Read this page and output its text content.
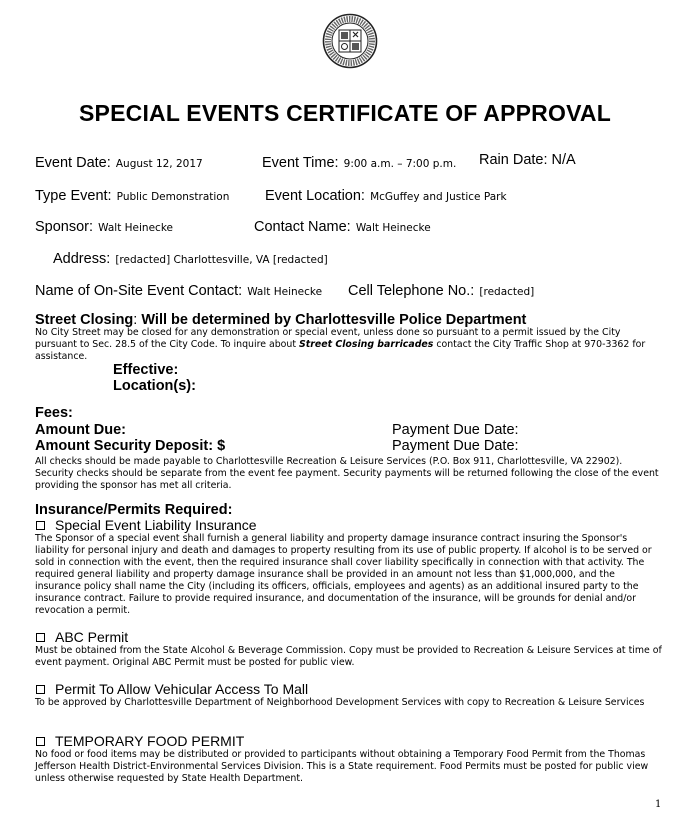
SPECIAL EVENTS CERTIFICATE OF APPROVAL
Event Date: August 12, 2017	Event Time: 9:00 a.m. – 7:00 p.m. Rain Date: N/A
Type Event: Public Demonstration Event Location: McGuffey and Justice Park
Sponsor: Walt Heinecke	Contact Name: Walt Heinecke
Address: [redacted] Charlottesville, VA [redacted]
Name of On-Site Event Contact: Walt Heinecke Cell Telephone No.: [redacted]
Street Closing: Will be determined by Charlottesville Police Department
No City Street may be closed for any demonstration or special event, unless done so pursuant to a permit issued by the City pursuant to Sec. 28.5 of the City Code. To inquire about Street Closing barricades contact the City Traffic Shop at 970-3362 for assistance.
Effective:
Location(s):
Fees:
Amount Due:	Payment Due Date:
Amount Security Deposit: $	Payment Due Date:
All checks should be made payable to Charlottesville Recreation & Leisure Services (P.O. Box 911, Charlottesville, VA 22902). Security checks should be separate from the event fee payment. Security payments will be returned following the close of the event providing the sponsor has met all criteria.
Insurance/Permits Required:
Special Event Liability Insurance
The Sponsor of a special event shall furnish a general liability and property damage insurance contract insuring the Sponsor's liability for personal injury and death and damages to property resulting from its use of public property. If alcohol is to be served or sold in connection with the event, then the required insurance shall cover liability specifically in connection with that activity. The required general liability and property damage insurance shall be provided in an amount not less than $1,000,000, and the insurance policy shall name the City (including its officers, officials, employees and agents) as an additional insured party to the insurance contract. Failure to provide required insurance, and documentation of the insurance, will be grounds for denial and/or revocation a permit.
ABC Permit
Must be obtained from the State Alcohol & Beverage Commission. Copy must be provided to Recreation & Leisure Services at time of event payment. Original ABC Permit must be posted for public view.
Permit To Allow Vehicular Access To Mall
To be approved by Charlottesville Department of Neighborhood Development Services with copy to Recreation & Leisure Services
TEMPORARY FOOD PERMIT
No food or food items may be distributed or provided to participants without obtaining a Temporary Food Permit from the Thomas Jefferson Health District-Environmental Services Division. This is a State requirement. Food Permits must be posted for public view unless otherwise requested by State Health Department.
1
